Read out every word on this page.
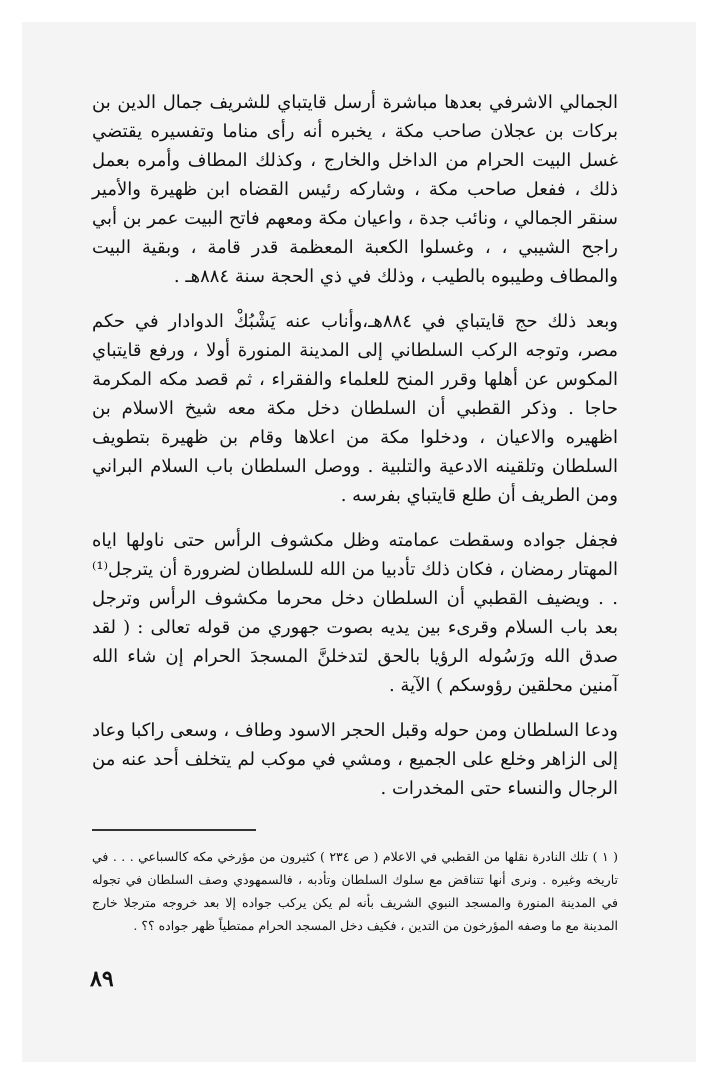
الجمالي الاشرفي بعدها مباشرة أرسل قايتباي للشريف جمال الدين بن بركات بن عجلان صاحب مكة ، يخبره أنه رأى مناما وتفسيره يقتضي غسل البيت الحرام من الداخل والخارج ، وكذلك المطاف وأمره بعمل ذلك ، ففعل صاحب مكة ، وشاركه رئيس القضاه ابن ظهيرة والأمير سنقر الجمالي ، ونائب جدة ، واعيان مكة ومعهم فاتح البيت عمر بن أبي راجح الشيبي ، ، وغسلوا الكعبة المعظمة قدر قامة ، وبقية البيت والمطاف وطيبوه بالطيب ، وذلك في ذي الحجة سنة ٨٨٤هـ .

وبعد ذلك حج قايتباي في ٨٨٤هـ،وأناب عنه يَشْبُكْ الدوادار في حكم مصر، وتوجه الركب السلطاني إلى المدينة المنورة أولا ، ورفع قايتباي المكوس عن أهلها وقرر المنح للعلماء والفقراء ، ثم قصد مكه المكرمة حاجا . وذكر القطبي أن السلطان دخل مكة معه شيخ الاسلام بن اظهيره والاعيان ، ودخلوا مكة من اعلاها وقام بن ظهيرة بتطويف السلطان وتلقينه الادعية والتلبية . ووصل السلطان باب السلام البراني ومن الطريف أن طلع قايتباي بفرسه .

فجفل جواده وسقطت عمامته وظل مكشوف الرأس حتى ناولها اياه المهتار رمضان ، فكان ذلك تأدبيا من الله للسلطان لضرورة أن يترجل⁽¹⁾ . . ويضيف القطبي أن السلطان دخل محرما مكشوف الرأس وترجل بعد باب السلام وقرىء بين يديه بصوت جهوري من قوله تعالى : ( لقد صدق الله ورَسُوله الرؤيا بالحق لتدخلنَّ المسجدَ الحرام إن شاء الله آمنين محلقين رؤوسكم ) الآية .

ودعا السلطان ومن حوله وقبل الحجر الاسود وطاف ، وسعى راكبا وعاد إلى الزاهر وخلع على الجميع ، ومشي في موكب لم يتخلف أحد عنه من الرجال والنساء حتى المخدرات .

( ١ ) تلك النادرة نقلها من القطبي في الاعلام ( ص ٢٣٤ ) كثيرون من مؤرخي مكه كالسباعي . . . في تاريخه وغيره . ونرى أنها تتناقض مع سلوك السلطان وتأدبه ، فالسمهودي وصف السلطان في تجوله في المدينة المنورة والمسجد النبوي الشريف بأنه لم يكن يركب جواده إلا بعد خروجه مترجلا خارج المدينة مع ما وصفه المؤرخون من التدين ، فكيف دخل المسجد الحرام ممتطياً ظهر جواده ؟؟ .

٨٩
